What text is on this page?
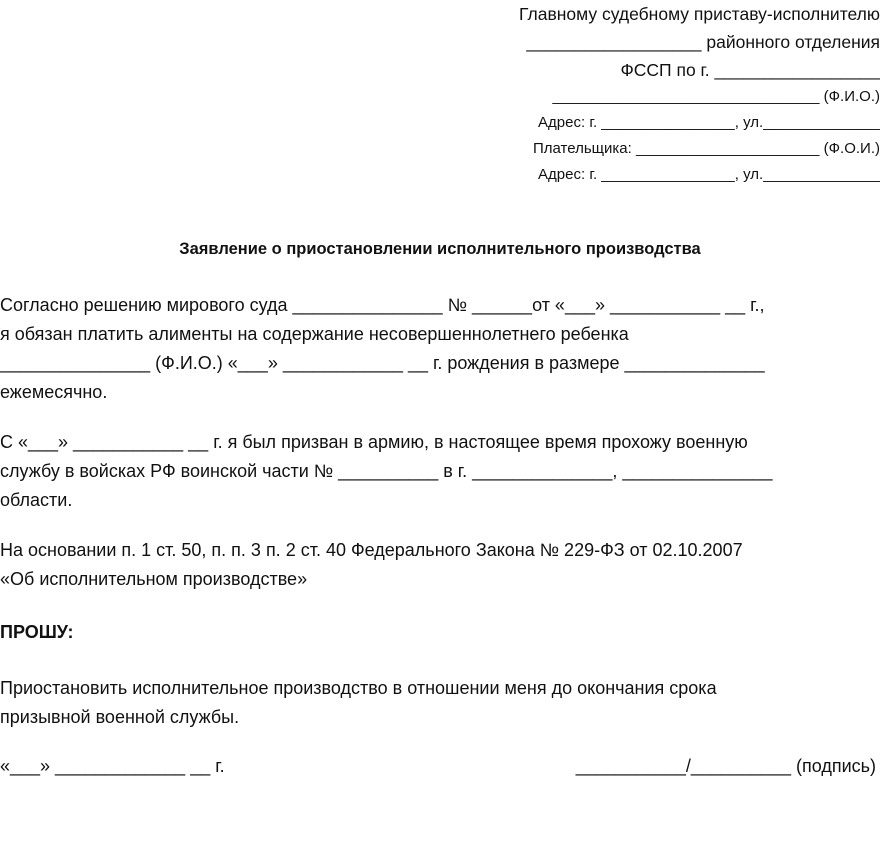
Главному судебному приставу-исполнителю
__________________ районного отделения
ФССП по г. _________________
________________________________ (Ф.И.О.)
Адрес: г. ________________, ул.______________
Плательщика: ______________________ (Ф.О.И.)
Адрес: г. ________________, ул.______________
Заявление о приостановлении исполнительного производства
Согласно решению мирового суда _______________ № ______от «___» ___________ __ г.,
я обязан платить алименты на содержание несовершеннолетнего ребенка
_______________ (Ф.И.О.) «___» ____________ __ г. рождения в размере ______________
ежемесячно.
С «___» ___________ __ г. я был призван в армию, в настоящее время прохожу военную
службу в войсках РФ воинской части № __________ в г. ______________, _______________
области.
На основании п. 1 ст. 50, п. п. 3 п. 2 ст. 40 Федерального Закона № 229-ФЗ от 02.10.2007
«Об исполнительном производстве»
ПРОШУ:
Приостановить исполнительное производство в отношении меня до окончания срока
призывной военной службы.
«___» _____________ __ г.	___________/__________ (подпись)
